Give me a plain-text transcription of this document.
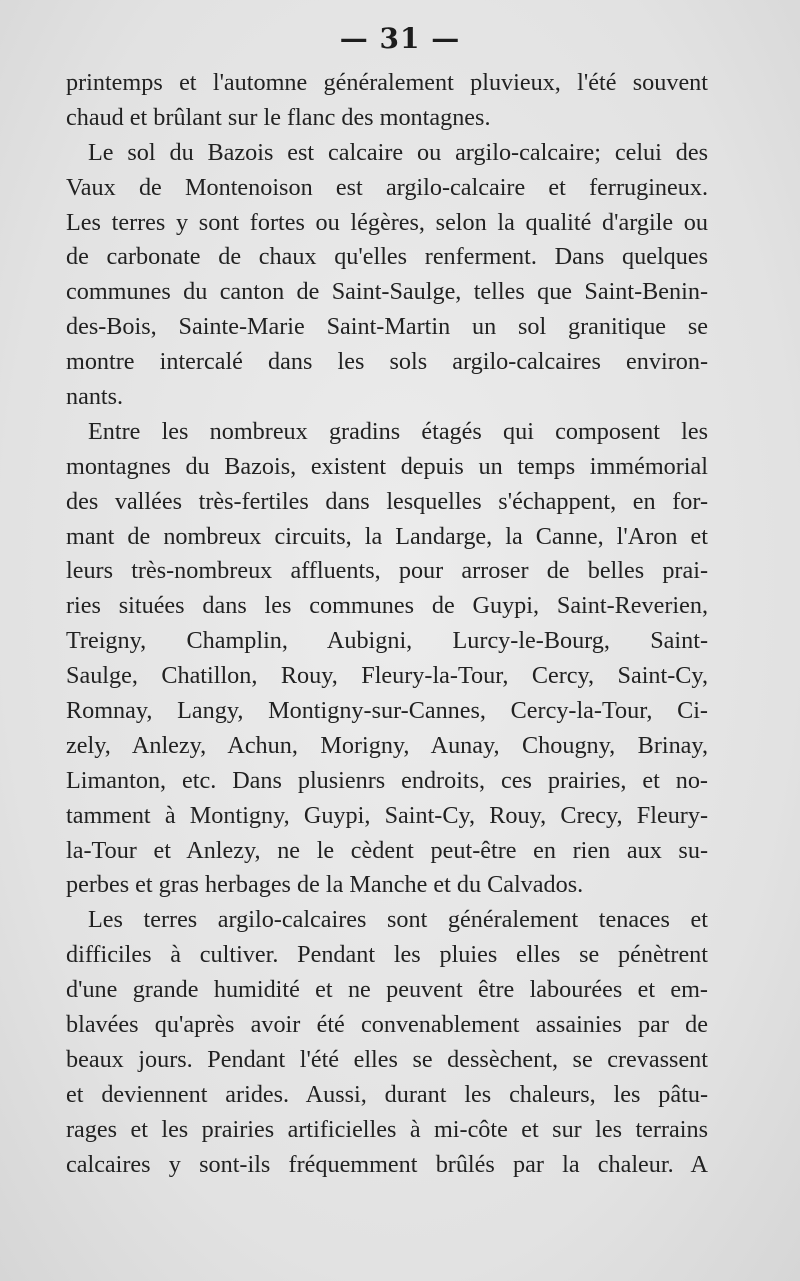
— 31 —
printemps et l'automne généralement pluvieux, l'été souvent
chaud et brûlant sur le flanc des montagnes.
Le sol du Bazois est calcaire ou argilo-calcaire; celui des
Vaux de Montenoison est argilo-calcaire et ferrugineux.
Les terres y sont fortes ou légères, selon la qualité d'argile ou
de carbonate de chaux qu'elles renferment. Dans quelques
communes du canton de Saint-Saulge, telles que Saint-Benin-
des-Bois, Sainte-Marie Saint-Martin un sol granitique se
montre intercalé dans les sols argilo-calcaires environ-
nants.
Entre les nombreux gradins étagés qui composent les
montagnes du Bazois, existent depuis un temps immémorial
des vallées très-fertiles dans lesquelles s'échappent, en for-
mant de nombreux circuits, la Landarge, la Canne, l'Aron et
leurs très-nombreux affluents, pour arroser de belles prai-
ries situées dans les communes de Guypi, Saint-Reverien,
Treigny, Champlin, Aubigni, Lurcy-le-Bourg, Saint-
Saulge, Chatillon, Rouy, Fleury-la-Tour, Cercy, Saint-Cy,
Romnay, Langy, Montigny-sur-Cannes, Cercy-la-Tour, Ci-
zely, Anlezy, Achun, Morigny, Aunay, Chougny, Brinay,
Limanton, etc. Dans plusienrs endroits, ces prairies, et no-
tamment à Montigny, Guypi, Saint-Cy, Rouy, Crecy, Fleury-
la-Tour et Anlezy, ne le cèdent peut-être en rien aux su-
perbes et gras herbages de la Manche et du Calvados.
Les terres argilo-calcaires sont généralement tenaces et
difficiles à cultiver. Pendant les pluies elles se pénètrent
d'une grande humidité et ne peuvent être labourées et em-
blavées qu'après avoir été convenablement assainies par de
beaux jours. Pendant l'été elles se dessèchent, se crevassent
et deviennent arides. Aussi, durant les chaleurs, les pâtu-
rages et les prairies artificielles à mi-côte et sur les terrains
calcaires y sont-ils fréquemment brûlés par la chaleur. A
